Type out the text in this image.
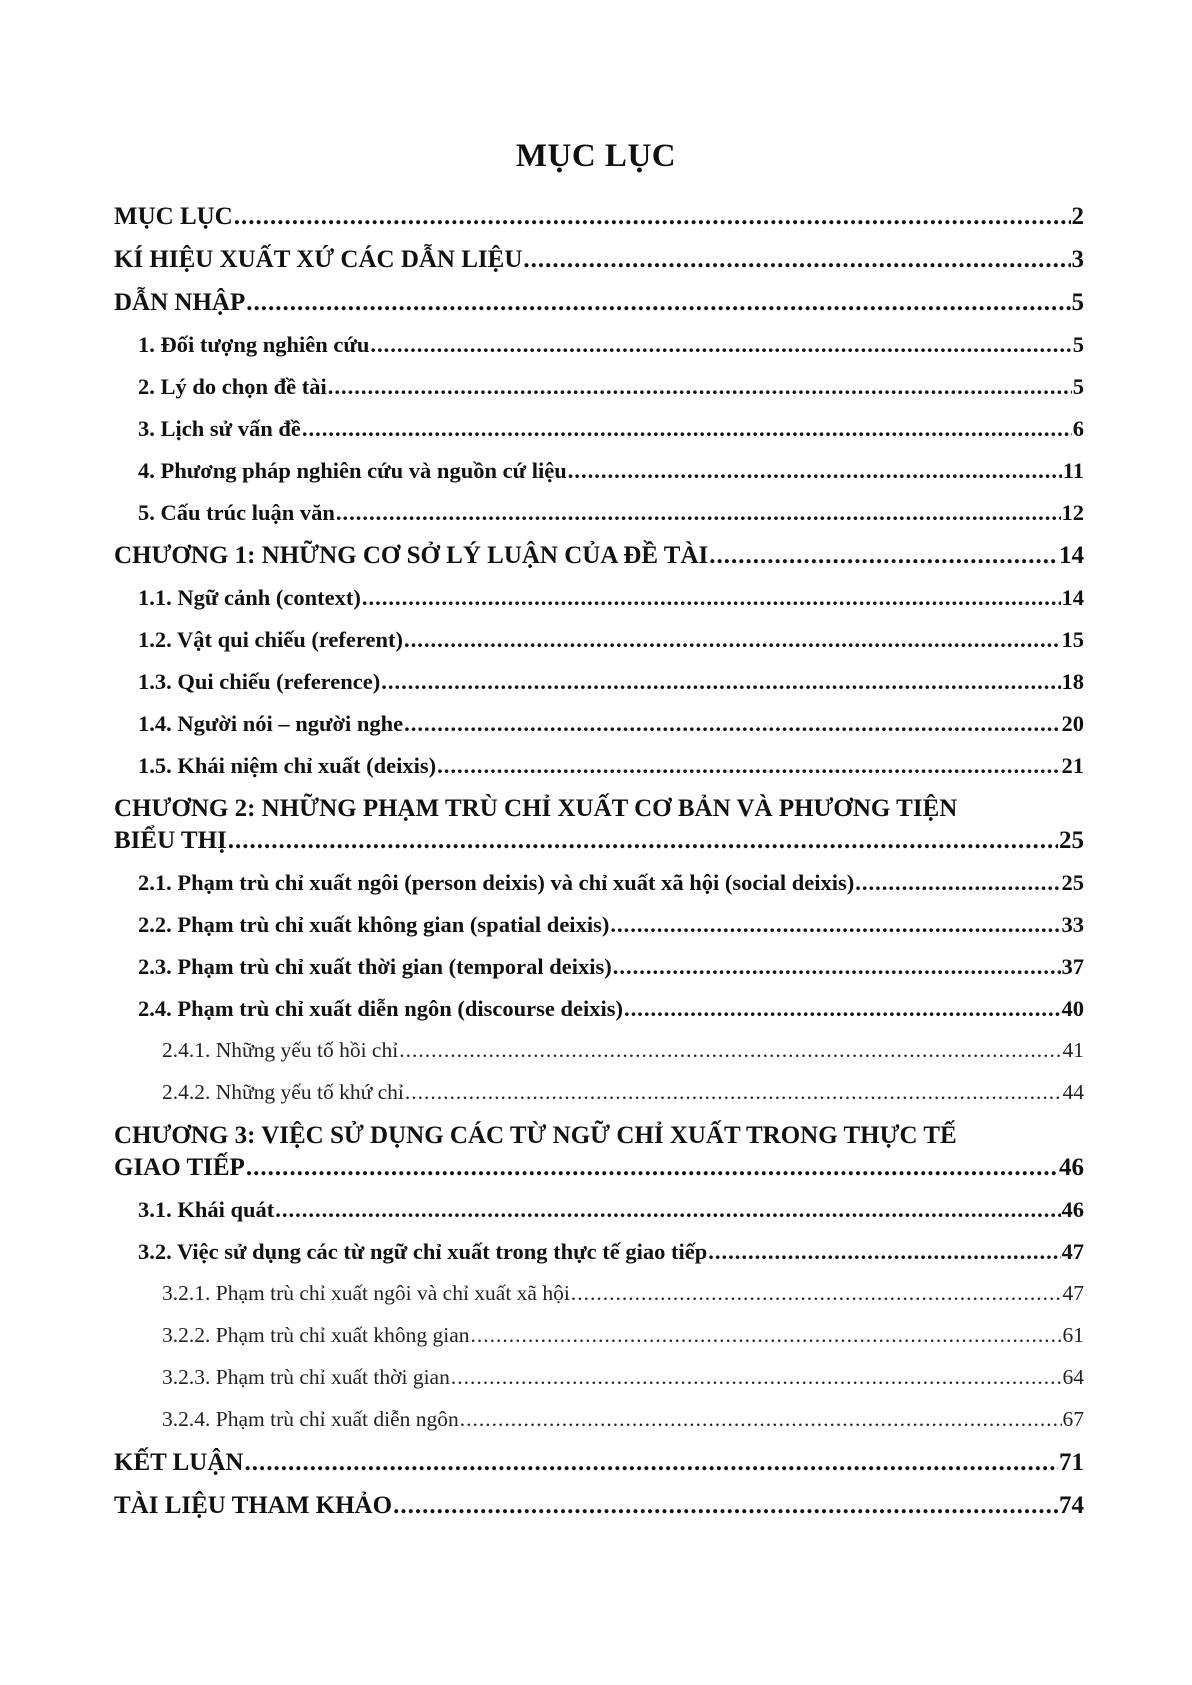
MỤC LỤC
MỤC LỤC .....	2
KÍ HIỆU XUẤT XỨ CÁC DẪN LIỆU .....	3
DẪN NHẬP .....	5
1. Đối tượng nghiên cứu .....	5
2. Lý do chọn đề tài .....	5
3. Lịch sử vấn đề .....	6
4. Phương pháp nghiên cứu và nguồn cứ liệu .....	11
5. Cấu trúc luận văn .....	12
CHƯƠNG 1: NHỮNG CƠ SỞ LÝ LUẬN CỦA ĐỀ TÀI .....	14
1.1. Ngữ cảnh (context) .....	14
1.2. Vật qui chiếu (referent) .....	15
1.3. Qui chiếu (reference) .....	18
1.4. Người nói – người nghe .....	20
1.5. Khái niệm chỉ xuất (deixis) .....	21
CHƯƠNG 2: NHỮNG PHẠM TRÙ CHỈ XUẤT CƠ BẢN VÀ PHƯƠNG TIỆN
BIỂU THỊ .....	25
2.1. Phạm trù chỉ xuất ngôi (person deixis) và chỉ xuất xã hội (social deixis) .....	25
2.2. Phạm trù chỉ xuất không gian (spatial deixis) .....	33
2.3. Phạm trù chỉ xuất thời gian (temporal deixis) .....	37
2.4. Phạm trù chỉ xuất diễn ngôn (discourse deixis) .....	40
2.4.1. Những yếu tố hồi chỉ .....	41
2.4.2. Những yếu tố khứ chỉ .....	44
CHƯƠNG 3: VIỆC SỬ DỤNG CÁC TỪ NGỮ CHỈ XUẤT TRONG THỰC TẾ
GIAO TIẾP .....	46
3.1. Khái quát .....	46
3.2. Việc sử dụng các từ ngữ chỉ xuất trong thực tế giao tiếp .....	47
3.2.1. Phạm trù chỉ xuất ngôi và chỉ xuất xã hội .....	47
3.2.2. Phạm trù chỉ xuất không gian .....	61
3.2.3. Phạm trù chỉ xuất thời gian .....	64
3.2.4. Phạm trù chỉ xuất diễn ngôn .....	67
KẾT LUẬN .....	71
TÀI LIỆU THAM KHẢO .....	74
